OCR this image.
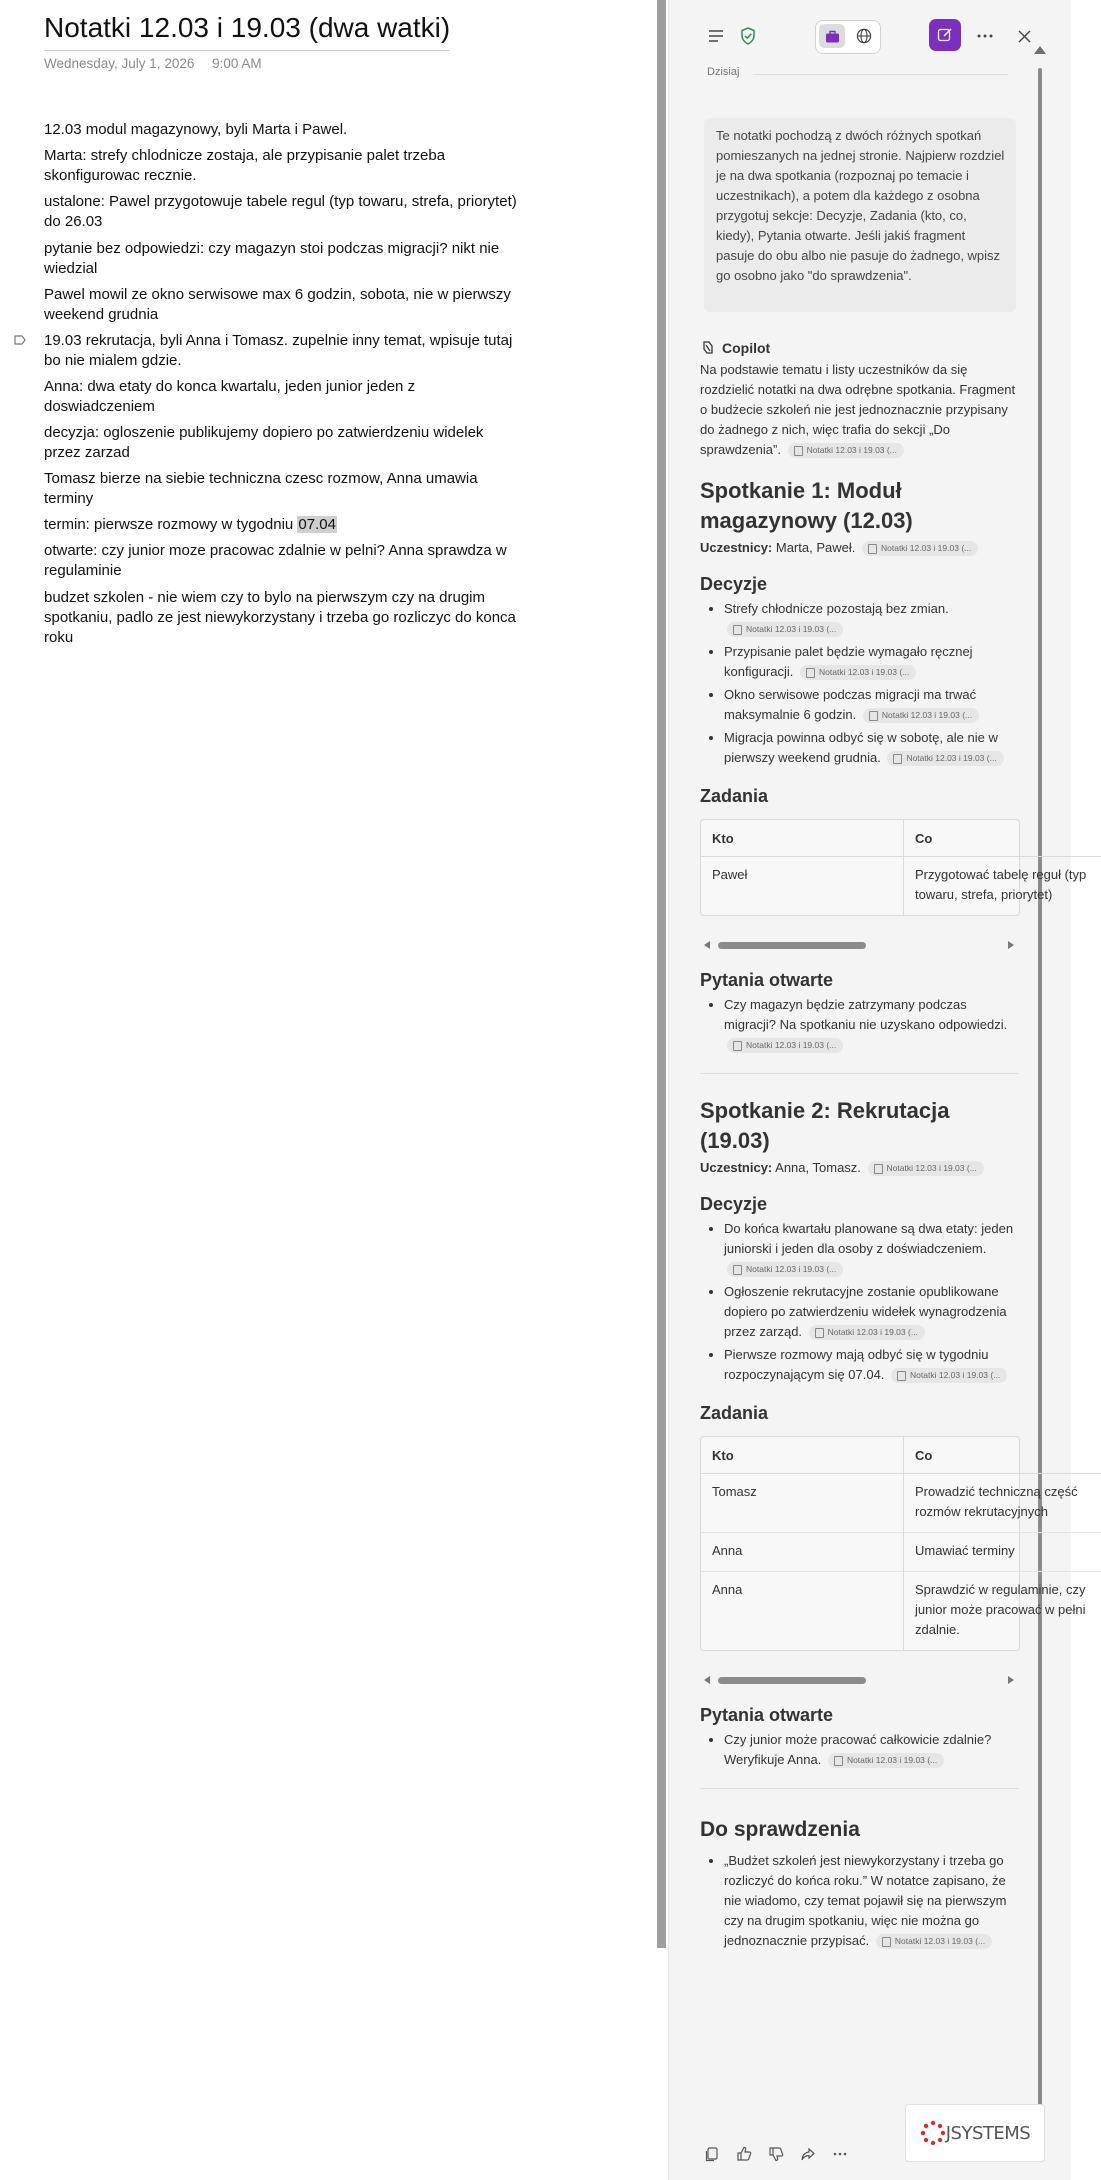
Notatki 12.03 i 19.03 (dwa watki)
Wednesday, July 1, 2026 9:00 AM
12.03 modul magazynowy, byli Marta i Pawel.
Marta: strefy chlodnicze zostaja, ale przypisanie palet trzeba skonfigurowac recznie.
ustalone: Pawel przygotowuje tabele regul (typ towaru, strefa, priorytet) do 26.03
pytanie bez odpowiedzi: czy magazyn stoi podczas migracji? nikt nie wiedzial
Pawel mowil ze okno serwisowe max 6 godzin, sobota, nie w pierwszy weekend grudnia
19.03 rekrutacja, byli Anna i Tomasz. zupelnie inny temat, wpisuje tutaj bo nie mialem gdzie.
Anna: dwa etaty do konca kwartalu, jeden junior jeden z doswiadczeniem
decyzja: ogloszenie publikujemy dopiero po zatwierdzeniu widelek przez zarzad
Tomasz bierze na siebie techniczna czesc rozmow, Anna umawia terminy
termin: pierwsze rozmowy w tygodniu 07.04
otwarte: czy junior moze pracowac zdalnie w pelni? Anna sprawdza w regulaminie
budzet szkolen - nie wiem czy to bylo na pierwszym czy na drugim spotkaniu, padlo ze jest niewykorzystany i trzeba go rozliczyc do konca roku
Dzisiaj
Te notatki pochodzą z dwóch różnych spotkań pomieszanych na jednej stronie. Najpierw rozdziel je na dwa spotkania (rozpoznaj po temacie i uczestnikach), a potem dla każdego z osobna przygotuj sekcje: Decyzje, Zadania (kto, co, kiedy), Pytania otwarte. Jeśli jakiś fragment pasuje do obu albo nie pasuje do żadnego, wpisz go osobno jako "do sprawdzenia".
Copilot
Na podstawie tematu i listy uczestników da się rozdzielić notatki na dwa odrębne spotkania. Fragment o budżecie szkoleń nie jest jednoznacznie przypisany do żadnego z nich, więc trafia do sekcji „Do sprawdzenia”.	Notatki 12.03 i 19.03 (...
Spotkanie 1: Moduł magazynowy (12.03)
Uczestnicy: Marta, Paweł.	Notatki 12.03 i 19.03 (...
Decyzje
• Strefy chłodnicze pozostają bez zmian.
Notatki 12.03 i 19.03 (...
• Przypisanie palet będzie wymagało ręcznej konfiguracji.	Notatki 12.03 i 19.03 (...
• Okno serwisowe podczas migracji ma trwać maksymalnie 6 godzin.	Notatki 12.03 i 19.03 (...
• Migracja powinna odbyć się w sobotę, ale nie w pierwszy weekend grudnia.	Notatki 12.03 i 19.03 (...
Zadania
Kto	Co
Paweł	Przygotować tabelę reguł (typ towaru, strefa, priorytet)
Pytania otwarte
• Czy magazyn będzie zatrzymany podczas migracji? Na spotkaniu nie uzyskano odpowiedzi.
Notatki 12.03 i 19.03 (...
Spotkanie 2: Rekrutacja (19.03)
Uczestnicy: Anna, Tomasz.	Notatki 12.03 i 19.03 (...
Decyzje
• Do końca kwartału planowane są dwa etaty: jeden juniorski i jeden dla osoby z doświadczeniem.
Notatki 12.03 i 19.03 (...
• Ogłoszenie rekrutacyjne zostanie opublikowane dopiero po zatwierdzeniu widełek wynagrodzenia przez zarząd.	Notatki 12.03 i 19.03 (...
• Pierwsze rozmowy mają odbyć się w tygodniu rozpoczynającym się 07.04.	Notatki 12.03 i 19.03 (...
Zadania
Kto	Co
Tomasz	Prowadzić techniczną część rozmów rekrutacyjnych
Anna	Umawiać terminy
Anna	Sprawdzić w regulaminie, czy junior może pracować w pełni zdalnie.
Pytania otwarte
• Czy junior może pracować całkowicie zdalnie? Weryfikuje Anna.	Notatki 12.03 i 19.03 (...
Do sprawdzenia
• „Budżet szkoleń jest niewykorzystany i trzeba go rozliczyć do końca roku.” W notatce zapisano, że nie wiadomo, czy temat pojawił się na pierwszym czy na drugim spotkaniu, więc nie można go jednoznacznie przypisać.	Notatki 12.03 i 19.03 (...
JSYSTEMS
